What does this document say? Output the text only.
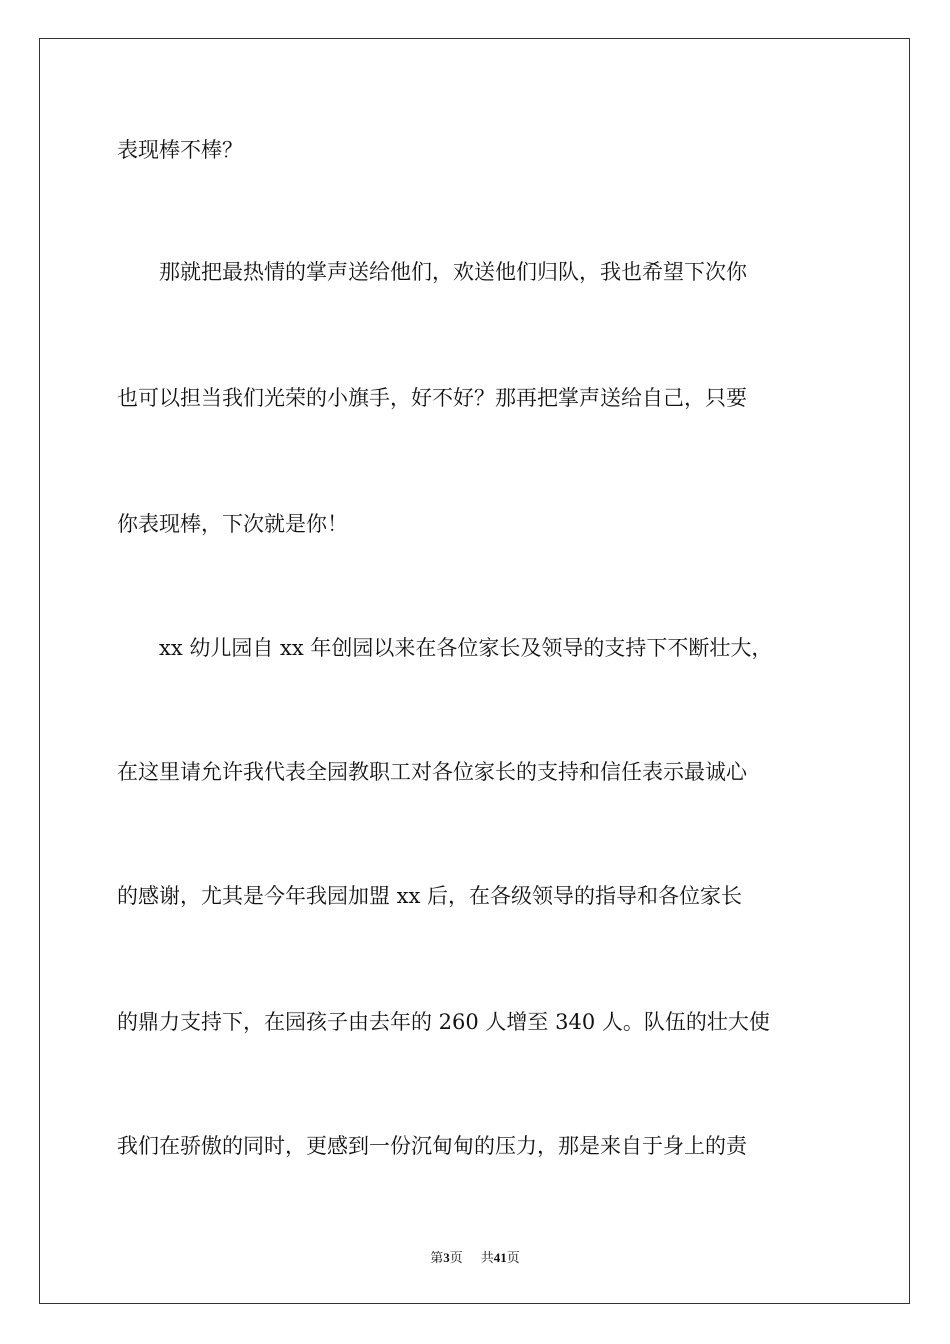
表现棒不棒？
　　那就把最热情的掌声送给他们，欢送他们归队，我也希望下次你
也可以担当我们光荣的小旗手，好不好？那再把掌声送给自己，只要
你表现棒，下次就是你！
　　xx 幼儿园自 xx 年创园以来在各位家长及领导的支持下不断壮大，
在这里请允许我代表全园教职工对各位家长的支持和信任表示最诚心
的感谢，尤其是今年我园加盟 xx 后，在各级领导的指导和各位家长
的鼎力支持下，在园孩子由去年的 260 人增至 340 人。队伍的壮大使
我们在骄傲的同时，更感到一份沉甸甸的压力，那是来自于身上的责
第3页 共41页
